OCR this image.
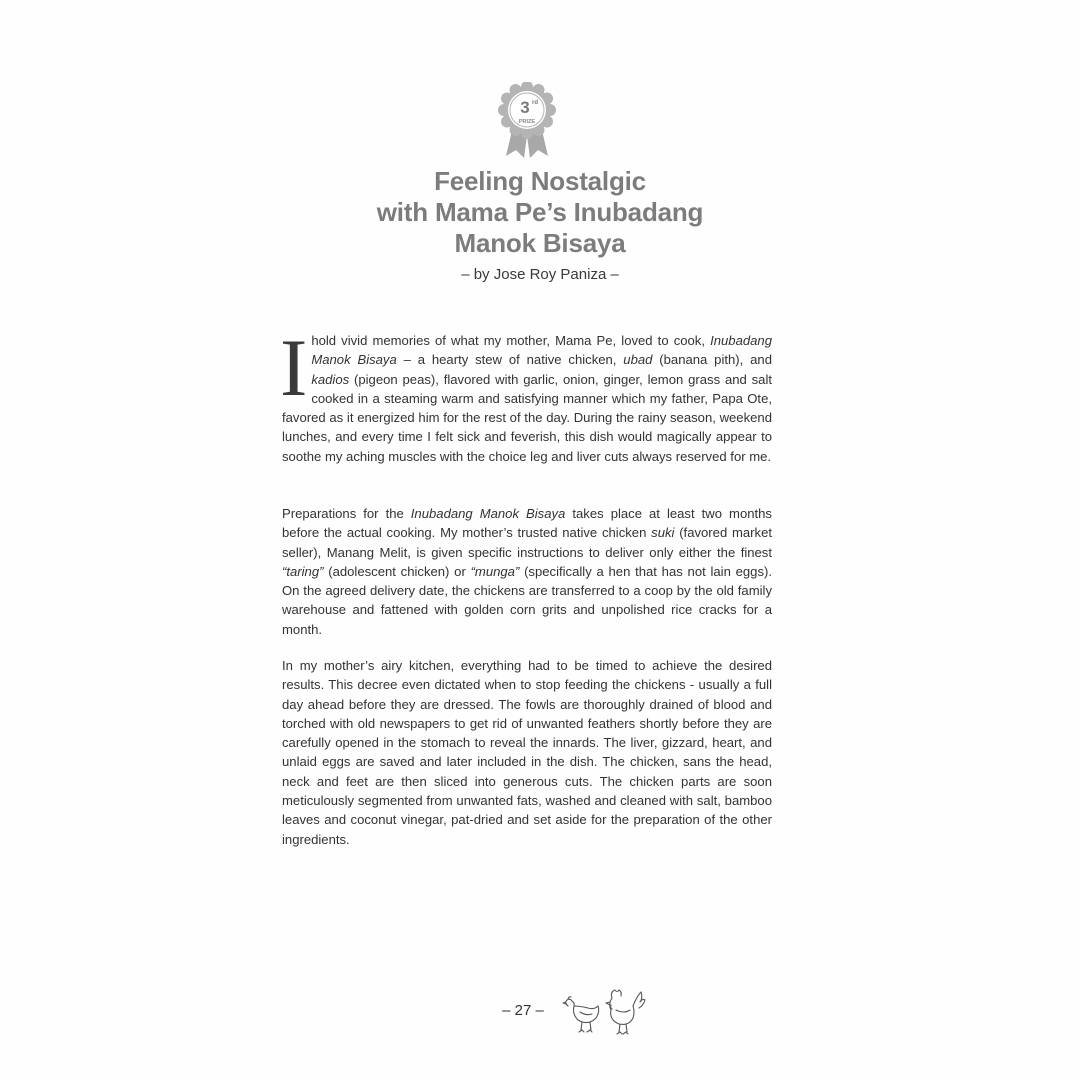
3 rd
PRIZE
Feeling Nostalgic
with Mama Pe’s Inubadang
Manok Bisaya
– by Jose Roy Paniza –
I hold vivid memories of what my mother, Mama Pe, loved to cook, Inubadang Manok Bisaya – a hearty stew of native chicken, ubad (banana pith), and kadios (pigeon peas), flavored with garlic, onion, ginger, lemon grass and salt cooked in a steaming warm and satisfying manner which my father, Papa Ote, favored as it energized him for the rest of the day. During the rainy season, weekend lunches, and every time I felt sick and feverish, this dish would magically appear to soothe my aching muscles with the choice leg and liver cuts always reserved for me.
Preparations for the Inubadang Manok Bisaya takes place at least two months before the actual cooking. My mother’s trusted native chicken suki (favored market seller), Manang Melit, is given specific instructions to deliver only either the finest “taring” (adolescent chicken) or “munga” (specifically a hen that has not lain eggs). On the agreed delivery date, the chickens are transferred to a coop by the old family warehouse and fattened with golden corn grits and unpolished rice cracks for a month.
In my mother’s airy kitchen, everything had to be timed to achieve the desired results. This decree even dictated when to stop feeding the chickens - usually a full day ahead before they are dressed. The fowls are thoroughly drained of blood and torched with old newspapers to get rid of unwanted feathers shortly before they are carefully opened in the stomach to reveal the innards. The liver, gizzard, heart, and unlaid eggs are saved and later included in the dish. The chicken, sans the head, neck and feet are then sliced into generous cuts. The chicken parts are soon meticulously segmented from unwanted fats, washed and cleaned with salt, bamboo leaves and coconut vinegar, pat-dried and set aside for the preparation of the other ingredients.
– 27 –
